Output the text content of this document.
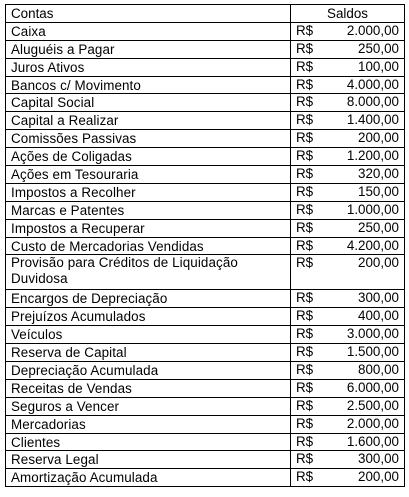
Contas	Saldos
Caixa	R$ 2.000,00

Aluguéis a Pagar	R$ 250,00

Juros Ativos	R$ 100,00

Bancos c/ Movimento	R$ 4.000,00

Capital Social	R$ 8.000,00

Capital a Realizar	R$ 1.400,00

Comissões Passivas	R$ 200,00

Ações de Coligadas	R$ 1.200,00

Ações em Tesouraria	R$ 320,00

Impostos a Recolher	R$ 150,00

Marcas e Patentes	R$ 1.000,00

Impostos a Recuperar	R$ 250,00

Custo de Mercadorias Vendidas	R$ 4.200,00

Provisão para Créditos de Liquidação Duvidosa	R$ 200,00

Encargos de Depreciação	R$ 300,00

Prejuízos Acumulados	R$ 400,00

Veículos	R$ 3.000,00

Reserva de Capital	R$ 1.500,00

Depreciação Acumulada	R$ 800,00

Receitas de Vendas	R$ 6.000,00

Seguros a Vencer	R$ 2.500,00

Mercadorias	R$ 2.000,00

Clientes	R$ 1.600,00

Reserva Legal	R$ 300,00

Amortização Acumulada	R$ 200,00
